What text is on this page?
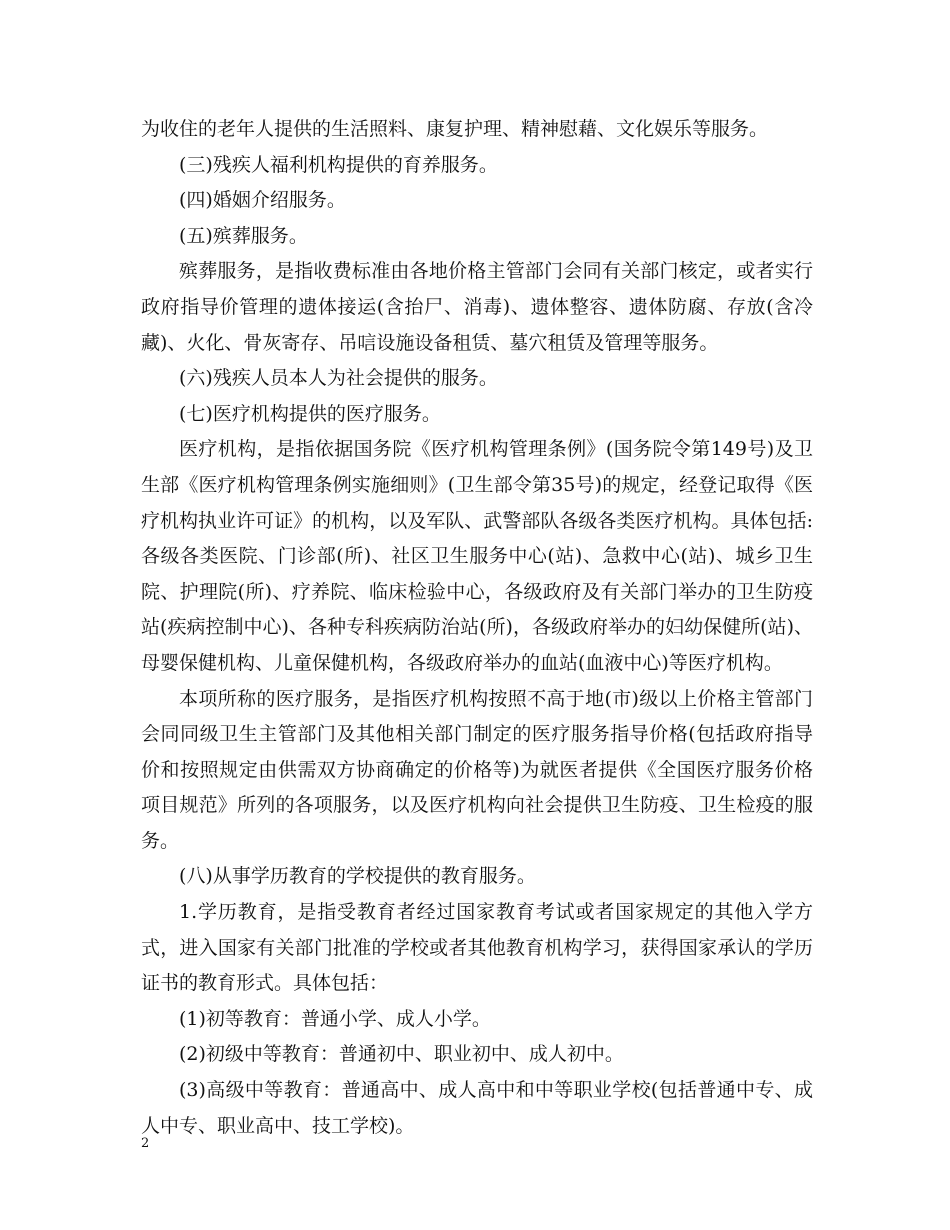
为收住的老年人提供的生活照料、康复护理、精神慰藉、文化娱乐等服务。

(三)残疾人福利机构提供的育养服务。

(四)婚姻介绍服务。

(五)殡葬服务。

殡葬服务，是指收费标准由各地价格主管部门会同有关部门核定，或者实行政府指导价管理的遗体接运(含抬尸、消毒)、遗体整容、遗体防腐、存放(含冷藏)、火化、骨灰寄存、吊唁设施设备租赁、墓穴租赁及管理等服务。

(六)残疾人员本人为社会提供的服务。

(七)医疗机构提供的医疗服务。

医疗机构，是指依据国务院《医疗机构管理条例》(国务院令第149号)及卫生部《医疗机构管理条例实施细则》(卫生部令第35号)的规定，经登记取得《医疗机构执业许可证》的机构，以及军队、武警部队各级各类医疗机构。具体包括:各级各类医院、门诊部(所)、社区卫生服务中心(站)、急救中心(站)、城乡卫生院、护理院(所)、疗养院、临床检验中心，各级政府及有关部门举办的卫生防疫站(疾病控制中心)、各种专科疾病防治站(所)，各级政府举办的妇幼保健所(站)、母婴保健机构、儿童保健机构，各级政府举办的血站(血液中心)等医疗机构。

本项所称的医疗服务，是指医疗机构按照不高于地(市)级以上价格主管部门会同同级卫生主管部门及其他相关部门制定的医疗服务指导价格(包括政府指导价和按照规定由供需双方协商确定的价格等)为就医者提供《全国医疗服务价格项目规范》所列的各项服务，以及医疗机构向社会提供卫生防疫、卫生检疫的服务。

(八)从事学历教育的学校提供的教育服务。

1.学历教育，是指受教育者经过国家教育考试或者国家规定的其他入学方式，进入国家有关部门批准的学校或者其他教育机构学习，获得国家承认的学历证书的教育形式。具体包括：

(1)初等教育：普通小学、成人小学。

(2)初级中等教育：普通初中、职业初中、成人初中。

(3)高级中等教育：普通高中、成人高中和中等职业学校(包括普通中专、成人中专、职业高中、技工学校)。

2
